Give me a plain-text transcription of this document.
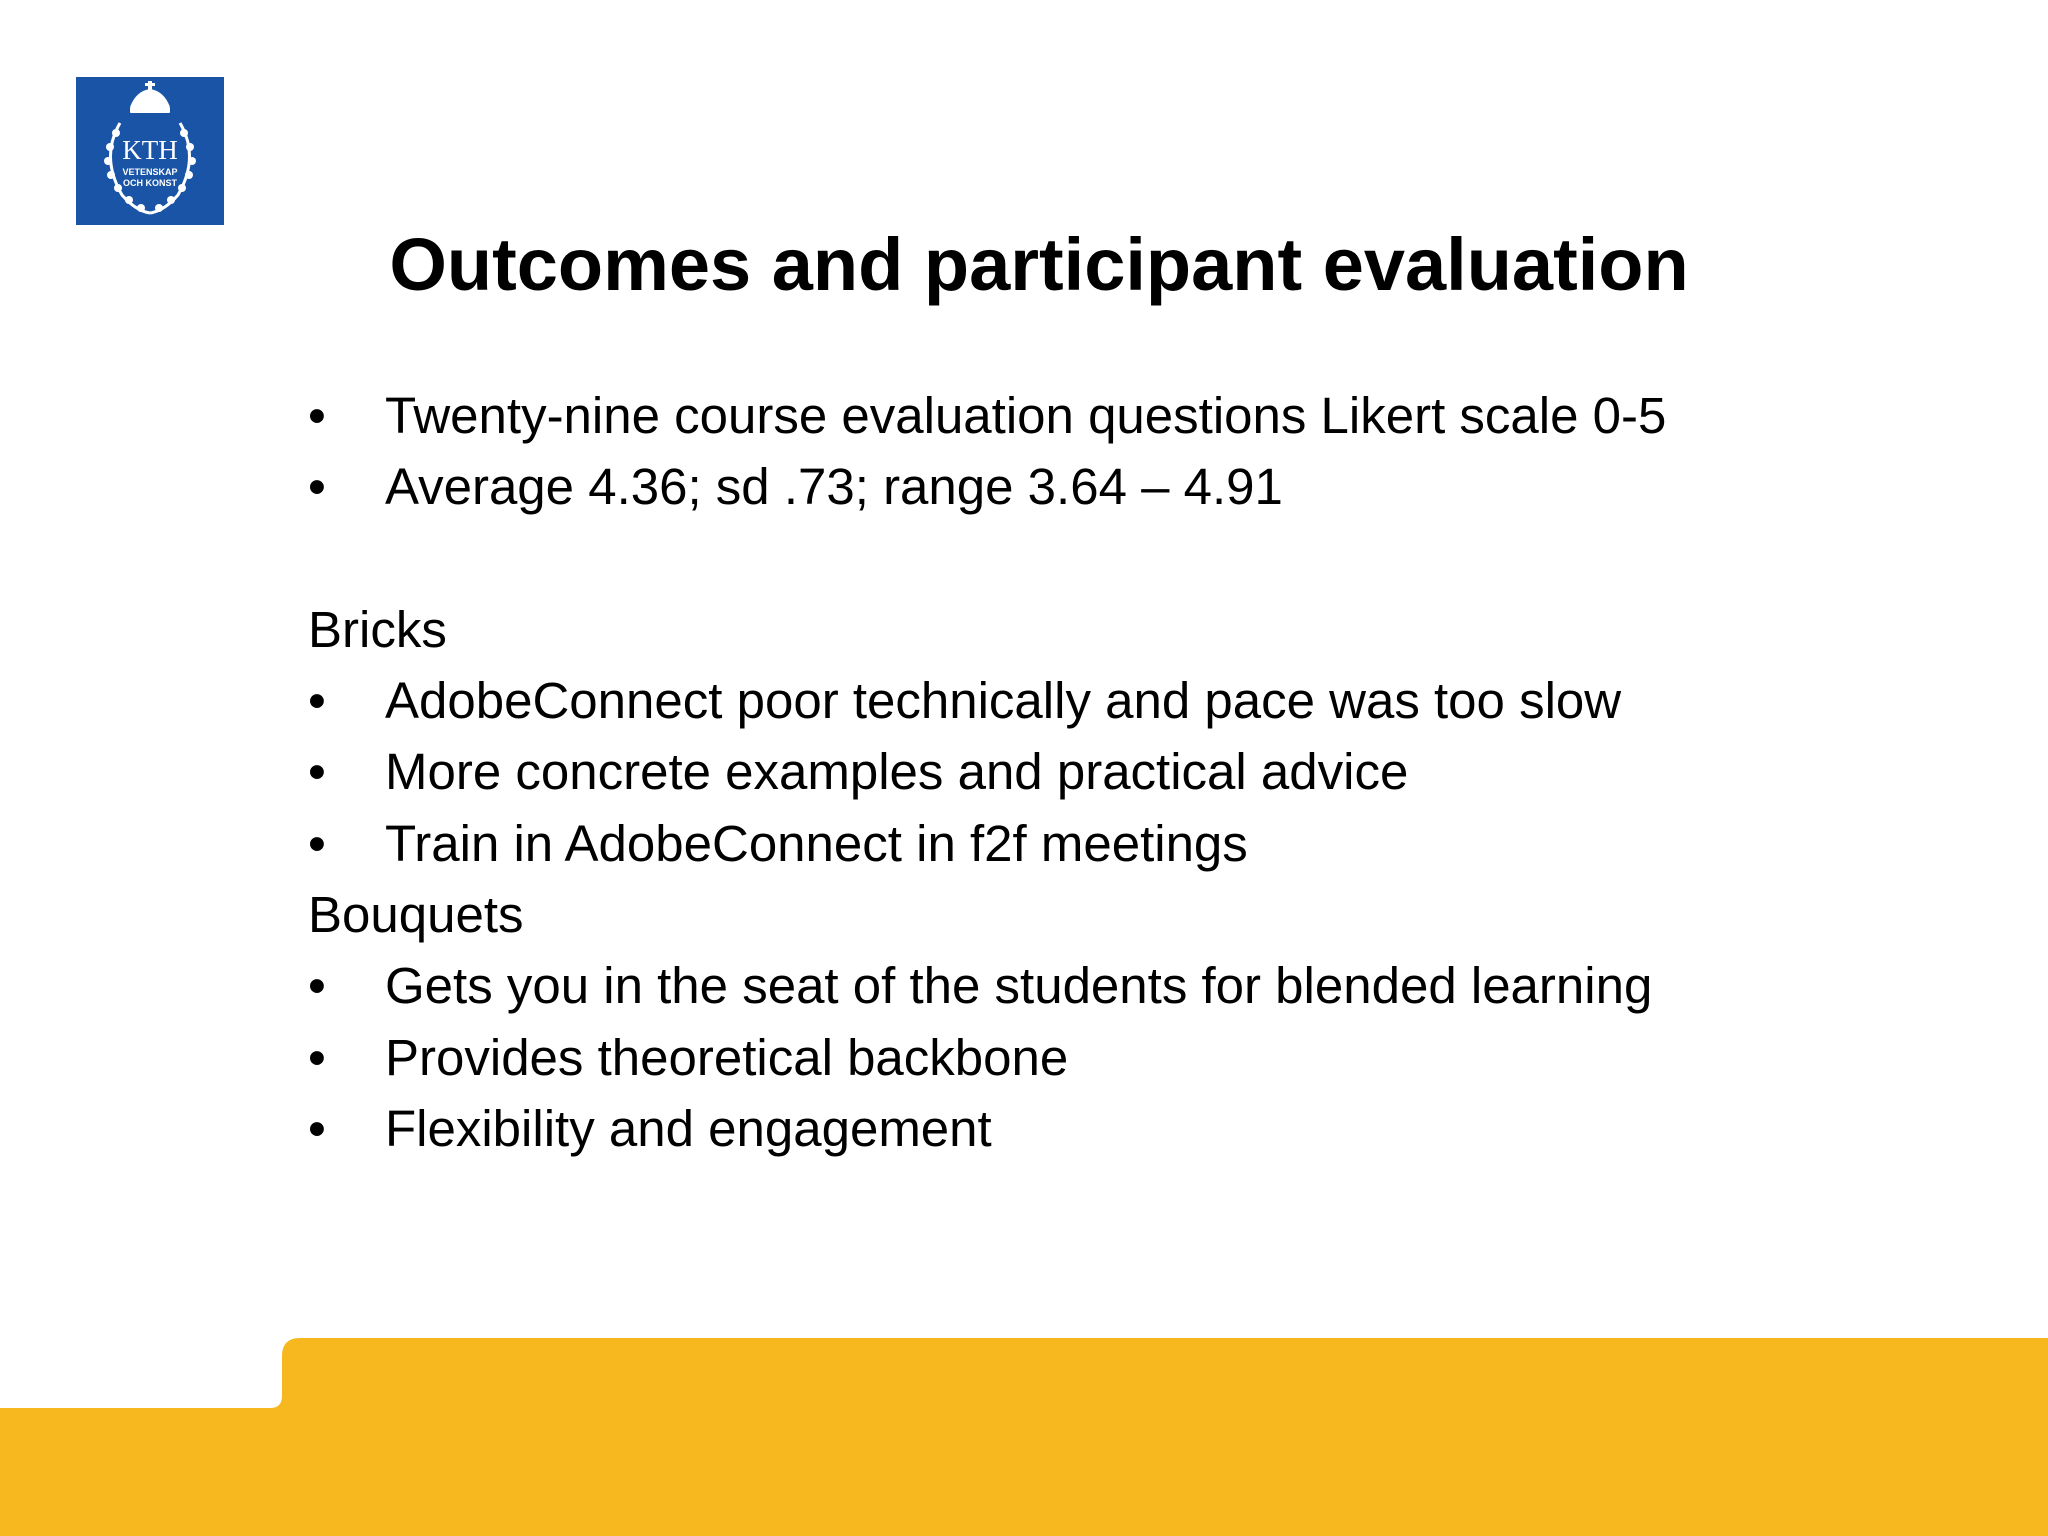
KTH
VETENSKAP
OCH KONST
Outcomes and participant evaluation
• Twenty-nine course evaluation questions Likert scale 0-5
• Average 4.36; sd .73; range 3.64 – 4.91
Bricks
• AdobeConnect poor technically and pace was too slow
• More concrete examples and practical advice
• Train in AdobeConnect in f2f meetings
Bouquets
• Gets you in the seat of the students for blended learning
• Provides theoretical backbone
• Flexibility and engagement
